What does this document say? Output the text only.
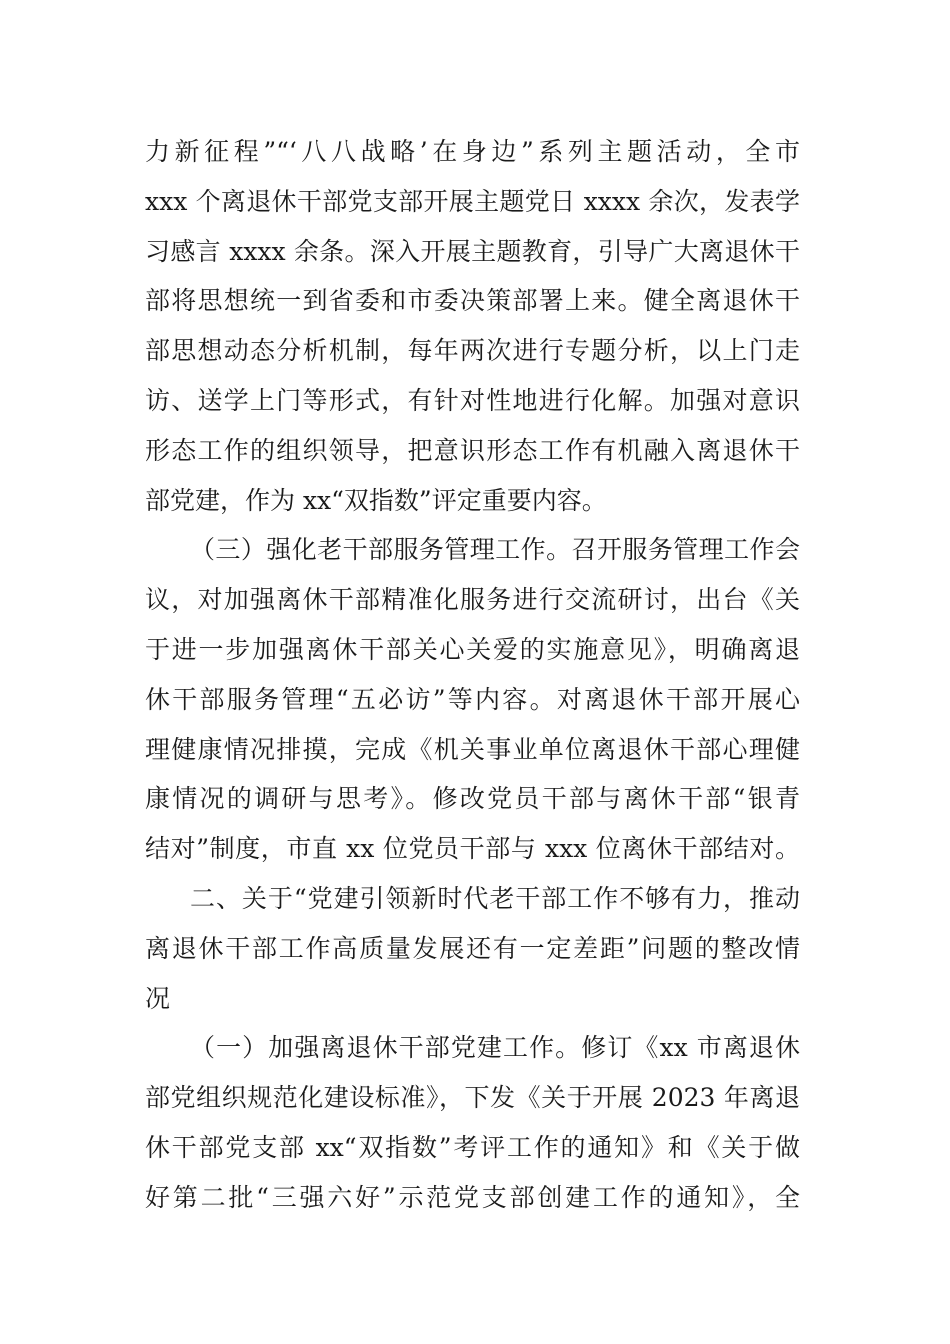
力新征程”“‘八八战略’在身边”系列主题活动，全市
xxx 个离退休干部党支部开展主题党日 xxxx 余次，发表学
习感言 xxxx 余条。深入开展主题教育，引导广大离退休干
部将思想统一到省委和市委决策部署上来。健全离退休干
部思想动态分析机制，每年两次进行专题分析，以上门走
访、送学上门等形式，有针对性地进行化解。加强对意识
形态工作的组织领导，把意识形态工作有机融入离退休干
部党建，作为 xx“双指数”评定重要内容。
（三）强化老干部服务管理工作。召开服务管理工作会
议，对加强离休干部精准化服务进行交流研讨，出台《关
于进一步加强离休干部关心关爱的实施意见》，明确离退
休干部服务管理“五必访”等内容。对离退休干部开展心
理健康情况排摸，完成《机关事业单位离退休干部心理健
康情况的调研与思考》。修改党员干部与离休干部“银青
结对”制度，市直 xx 位党员干部与 xxx 位离休干部结对。
二、关于“党建引领新时代老干部工作不够有力，推动
离退休干部工作高质量发展还有一定差距”问题的整改情
况
（一）加强离退休干部党建工作。修订《xx 市离退休
部党组织规范化建设标准》，下发《关于开展 2023 年离退
休干部党支部 xx“双指数”考评工作的通知》和《关于做
好第二批“三强六好”示范党支部创建工作的通知》，全
